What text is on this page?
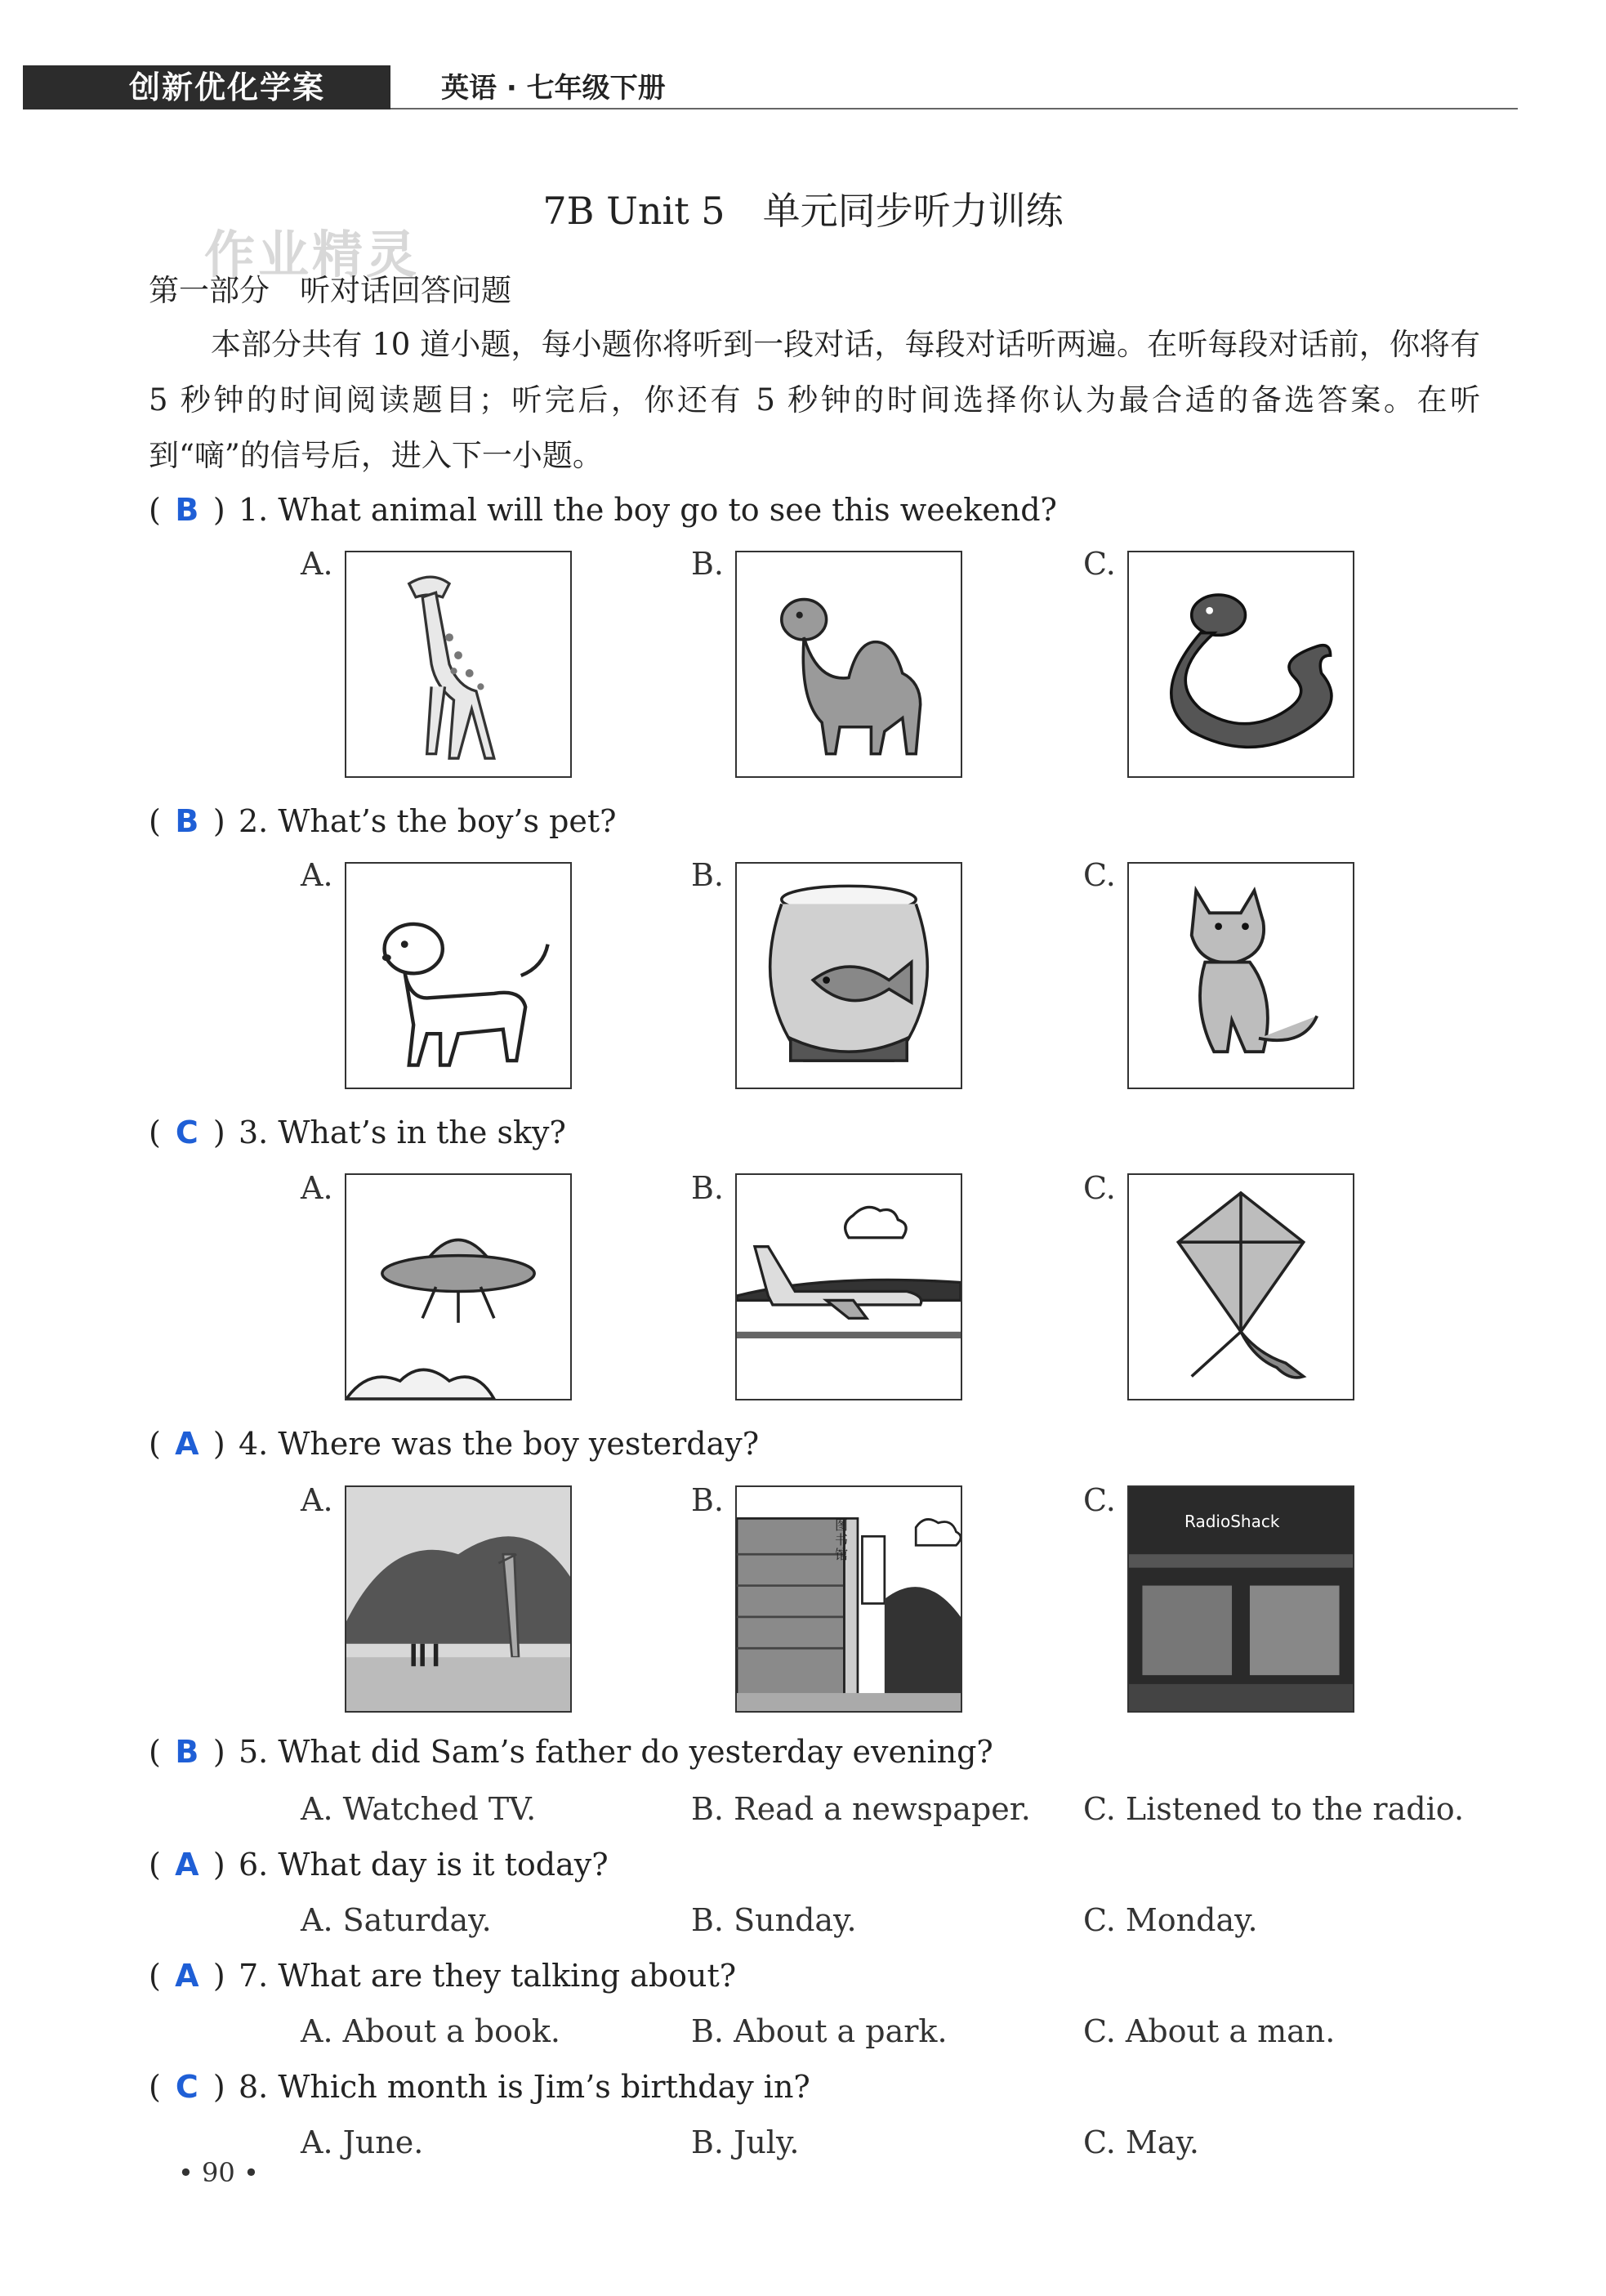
创新优化学案	英语 · 七年级下册
7B Unit 5　单元同步听力训练
作业精灵
第一部分　听对话回答问题
本部分共有 10 道小题，每小题你将听到一段对话，每段对话听两遍。在听每段对话前，你将有 5 秒钟的时间阅读题目；听完后，你还有 5 秒钟的时间选择你认为最合适的备选答案。在听到“嘀”的信号后，进入下一小题。
( B ) 1. What animal will the boy go to see this weekend?
A.	B.	C.
( B ) 2. What’s the boy’s pet?
A.	B.	C.
( C ) 3. What’s in the sky?
A.	B.	C.
( A ) 4. Where was the boy yesterday?
A.	B.	C.
RadioShack
图书馆
( B ) 5. What did Sam’s father do yesterday evening?
A. Watched TV.	B. Read a newspaper. C. Listened to the radio.
( A ) 6. What day is it today?
A. Saturday.	B. Sunday.	C. Monday.
( A ) 7. What are they talking about?
A. About a book.	B. About a park.	C. About a man.
( C ) 8. Which month is Jim’s birthday in?
A. June.	B. July.	C. May.
• 90 •
